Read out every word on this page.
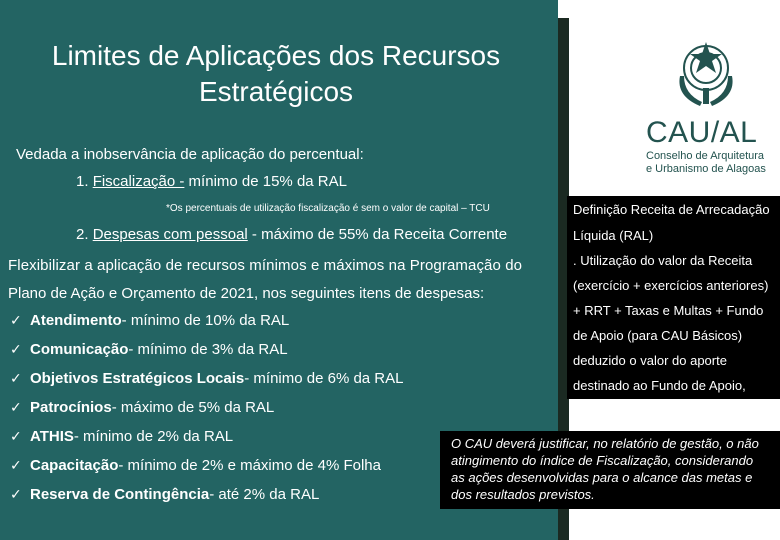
Limites de Aplicações dos Recursos
Estratégicos
Vedada a inobservância de aplicação do percentual:
1. Fiscalização - mínimo de 15% da RAL
*Os percentuais de utilização fiscalização é sem o valor de capital – TCU
2. Despesas com pessoal - máximo de 55% da Receita Corrente
Flexibilizar a aplicação de recursos mínimos e máximos na Programação do
Plano de Ação e Orçamento de 2021, nos seguintes itens de despesas:
✓ Atendimento - mínimo de 10% da RAL
✓ Comunicação - mínimo de 3% da RAL
✓ Objetivos Estratégicos Locais - mínimo de 6% da RAL
✓ Patrocínios - máximo de 5% da RAL
✓ ATHIS - mínimo de 2% da RAL
✓ Capacitação - mínimo de 2% e máximo de 4% Folha
✓ Reserva de Contingência - até 2% da RAL
CAU/AL
Conselho de Arquitetura
e Urbanismo de Alagoas
Definição Receita de Arrecadação
Líquida (RAL)
. Utilização do valor da Receita
(exercício + exercícios anteriores)
+ RRT + Taxas e Multas + Fundo
de Apoio (para CAU Básicos)
deduzido o valor do aporte
destinado ao Fundo de Apoio,
O CAU deverá justificar, no relatório de gestão, o não
atingimento do índice de Fiscalização, considerando
as ações desenvolvidas para o alcance das metas e
dos resultados previstos.
